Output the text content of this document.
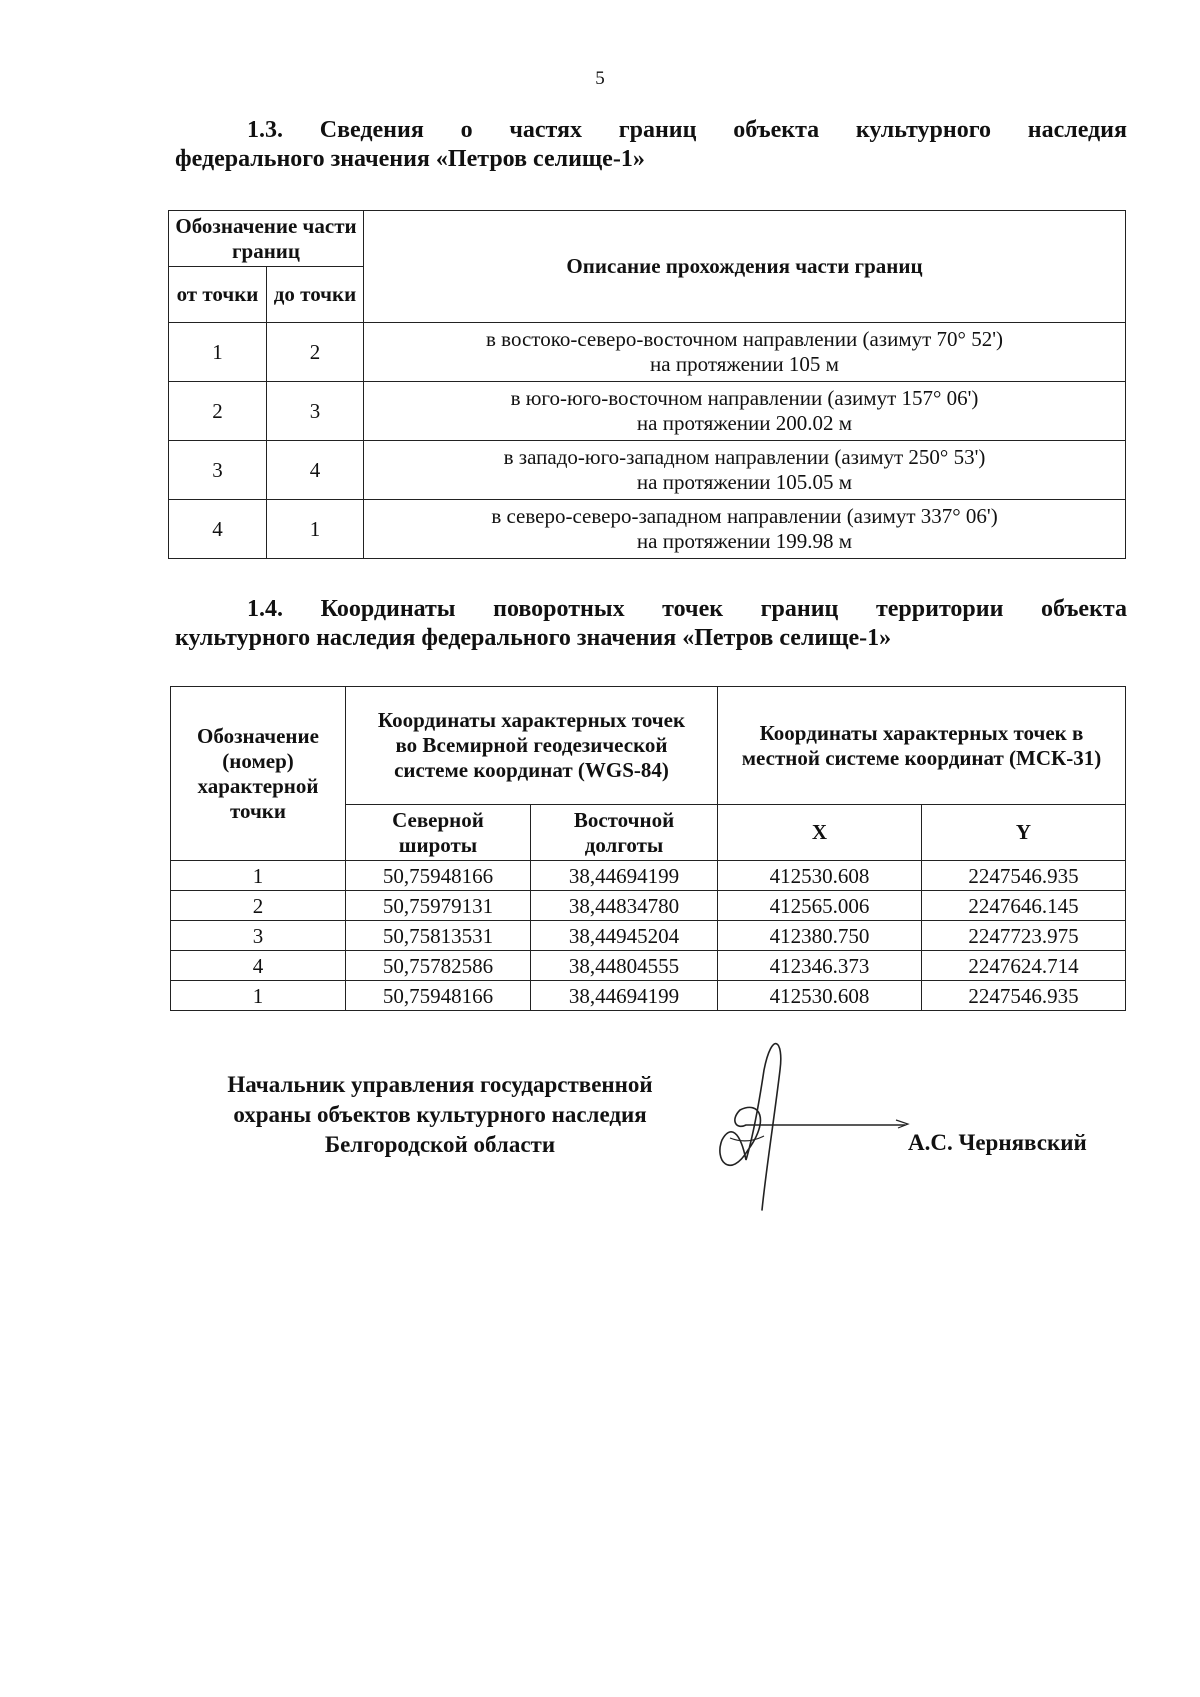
5
1.3. Сведения о частях границ объекта культурного наследия
федерального значения «Петров селище-1»
Обозначение части границ		Описание прохождения части границ
от точки	до точки	
1	2	в востоко-северо-восточном направлении (азимут 70° 52')
на протяжении 105 м
2	3	в юго-юго-восточном направлении (азимут 157° 06')
на протяжении 200.02 м
3	4	в западо-юго-западном направлении (азимут 250° 53')
на протяжении 105.05 м
4	1	в северо-северо-западном направлении (азимут 337° 06')
на протяжении 199.98 м
1.4. Координаты поворотных точек границ территории объекта
культурного наследия федерального значения «Петров селище-1»
Обозначение (номер) характерной точки	Координаты характерных точек во Всемирной геодезической системе координат (WGS-84)		Координаты характерных точек в местной системе координат (МСК-31)	
	Северной широты	Восточной долготы	X	Y
1	50,75948166	38,44694199	412530.608	2247546.935
2	50,75979131	38,44834780	412565.006	2247646.145
3	50,75813531	38,44945204	412380.750	2247723.975
4	50,75782586	38,44804555	412346.373	2247624.714
1	50,75948166	38,44694199	412530.608	2247546.935
Начальник управления государственной
охраны объектов культурного наследия
Белгородской области	А.С. Чернявский
